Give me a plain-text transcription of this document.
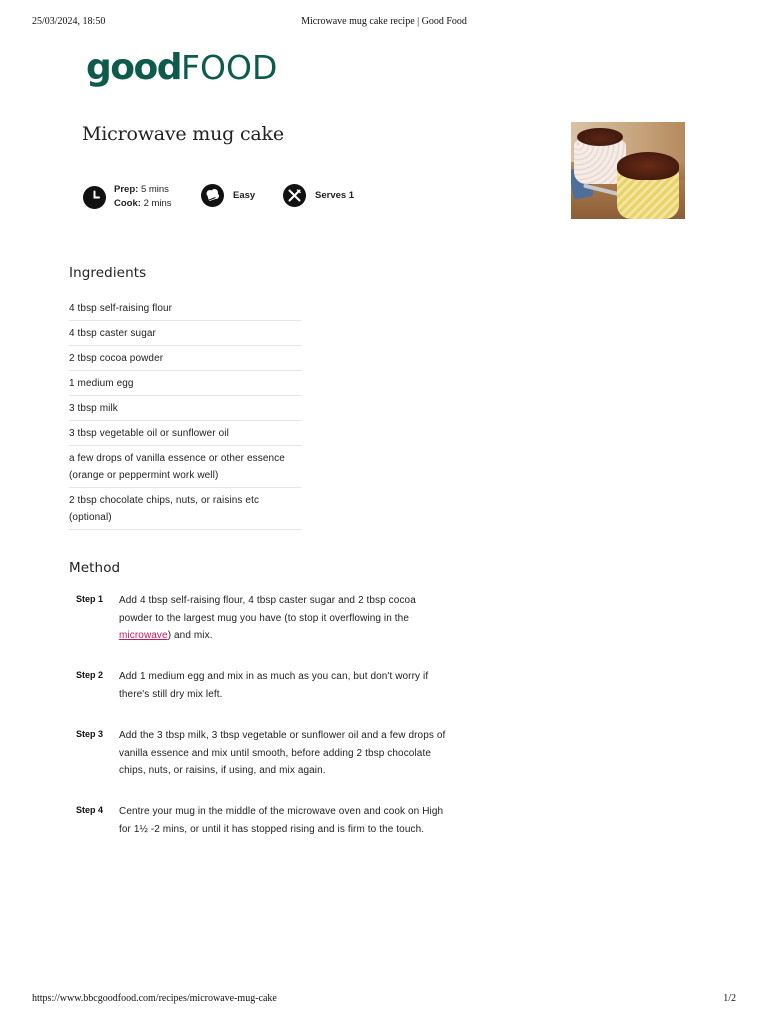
25/03/2024, 18:50	Microwave mug cake recipe | Good Food
good FOOD
Microwave mug cake
Prep: 5 mins
Cook: 2 mins
Easy	Serves 1
Ingredients
4 tbsp self-raising flour
4 tbsp caster sugar
2 tbsp cocoa powder
1 medium egg
3 tbsp milk
3 tbsp vegetable oil or sunflower oil
a few drops of vanilla essence or other essence (orange or peppermint work well)
2 tbsp chocolate chips, nuts, or raisins etc (optional)
Method
Step 1 Add 4 tbsp self-raising flour, 4 tbsp caster sugar and 2 tbsp cocoa powder to the largest mug you have (to stop it overflowing in the microwave) and mix.
Step 2 Add 1 medium egg and mix in as much as you can, but don't worry if there's still dry mix left.
Step 3 Add the 3 tbsp milk, 3 tbsp vegetable or sunflower oil and a few drops of vanilla essence and mix until smooth, before adding 2 tbsp chocolate chips, nuts, or raisins, if using, and mix again.
Step 4 Centre your mug in the middle of the microwave oven and cook on High for 1½ -2 mins, or until it has stopped rising and is firm to the touch.
https://www.bbcgoodfood.com/recipes/microwave-mug-cake	1/2
